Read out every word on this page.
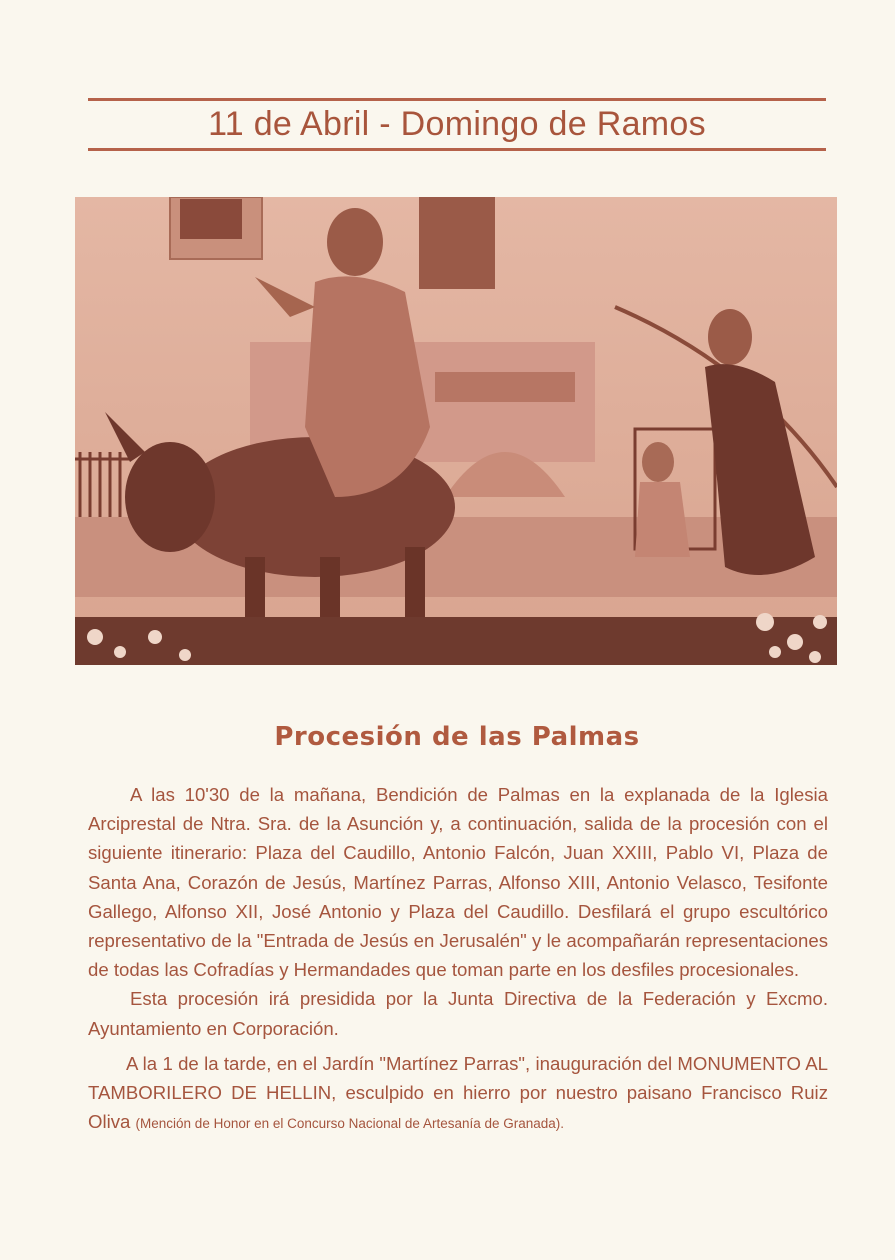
11 de Abril - Domingo de Ramos
Procesión de las Palmas

A las 10'30 de la mañana, Bendición de Palmas en la explanada de la Iglesia Arciprestal de Ntra. Sra. de la Asunción y, a continuación, salida de la procesión con el siguiente itinerario: Plaza del Caudillo, Antonio Falcón, Juan XXIII, Pablo VI, Plaza de Santa Ana, Corazón de Jesús, Martínez Parras, Alfonso XIII, Antonio Velasco, Tesifonte Gallego, Alfonso XII, José Antonio y Plaza del Caudillo. Desfilará el grupo escultórico representativo de la "Entrada de Jesús en Jerusalén" y le acompañarán representaciones de todas las Cofradías y Hermandades que toman parte en los desfiles procesionales.

Esta procesión irá presidida por la Junta Directiva de la Federación y Excmo. Ayuntamiento en Corporación.

A la 1 de la tarde, en el Jardín "Martínez Parras", inauguración del MONUMENTO AL TAMBORILERO DE HELLIN, esculpido en hierro por nuestro paisano Francisco Ruiz Oliva (Mención de Honor en el Concurso Nacional de Artesanía de Granada).
